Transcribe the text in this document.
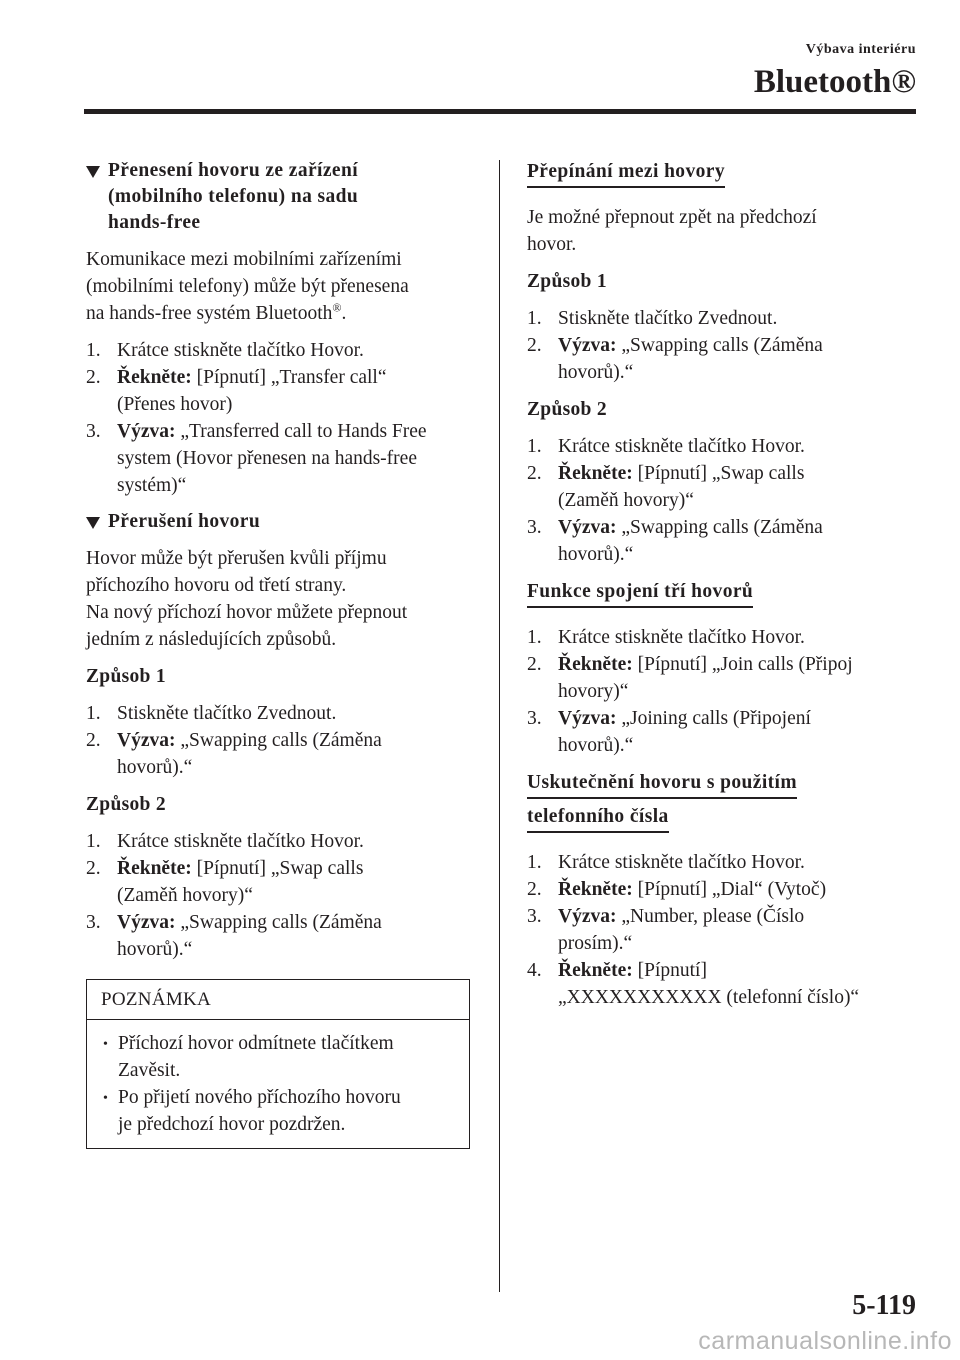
Výbava interiéru
Bluetooth®
Přenesení hovoru ze zařízení
(mobilního telefonu) na sadu
hands-free
Komunikace mezi mobilními zařízeními
(mobilními telefony) může být přenesena
na hands-free systém Bluetooth®.
1. Krátce stiskněte tlačítko Hovor.
2. Řekněte: [Pípnutí] „Transfer call“
(Přenes hovor)
3. Výzva: „Transferred call to Hands Free
system (Hovor přenesen na hands-free
systém)“
Přerušení hovoru
Hovor může být přerušen kvůli příjmu
příchozího hovoru od třetí strany.
Na nový příchozí hovor můžete přepnout
jedním z následujících způsobů.
Způsob 1
1. Stiskněte tlačítko Zvednout.
2. Výzva: „Swapping calls (Záměna
hovorů).“
Způsob 2
1. Krátce stiskněte tlačítko Hovor.
2. Řekněte: [Pípnutí] „Swap calls
(Zaměň hovory)“
3. Výzva: „Swapping calls (Záměna
hovorů).“
POZNÁMKA
• Příchozí hovor odmítnete tlačítkem
Zavěsit.
• Po přijetí nového příchozího hovoru
je předchozí hovor pozdržen.
Přepínání mezi hovory
Je možné přepnout zpět na předchozí
hovor.
Způsob 1
1. Stiskněte tlačítko Zvednout.
2. Výzva: „Swapping calls (Záměna
hovorů).“
Způsob 2
1. Krátce stiskněte tlačítko Hovor.
2. Řekněte: [Pípnutí] „Swap calls
(Zaměň hovory)“
3. Výzva: „Swapping calls (Záměna
hovorů).“
Funkce spojení tří hovorů
1. Krátce stiskněte tlačítko Hovor.
2. Řekněte: [Pípnutí] „Join calls (Připoj
hovory)“
3. Výzva: „Joining calls (Připojení
hovorů).“
Uskutečnění hovoru s použitím
telefonního čísla
1. Krátce stiskněte tlačítko Hovor.
2. Řekněte: [Pípnutí] „Dial“ (Vytoč)
3. Výzva: „Number, please (Číslo
prosím).“
4. Řekněte: [Pípnutí]
„XXXXXXXXXXX (telefonní číslo)“
5-119
carmanualsonline.info
